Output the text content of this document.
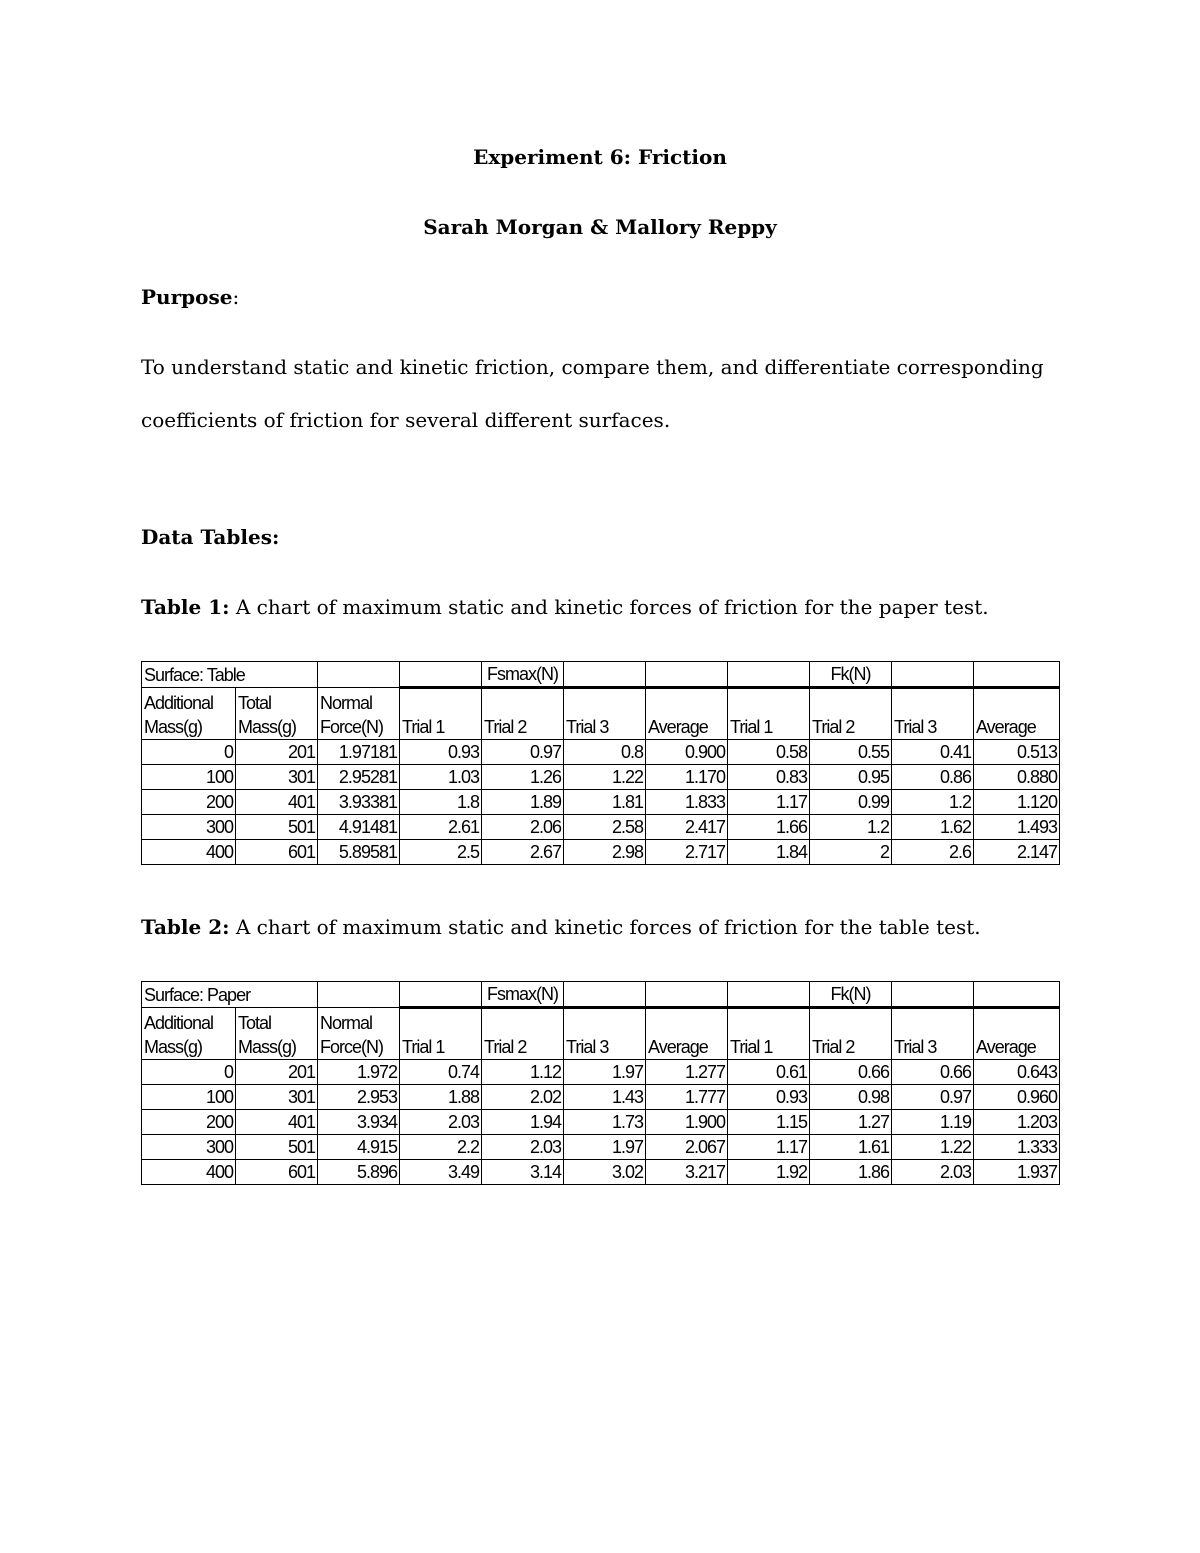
Experiment 6: Friction
Sarah Morgan & Mallory Reppy
Purpose:
To understand static and kinetic friction, compare them, and differentiate corresponding
coefficients of friction for several different surfaces.
Data Tables:
Table 1: A chart of maximum static and kinetic forces of friction for the paper test.
Surface: Table				Fsmax(N)				Fk(N)		
Additional Mass(g)	Total Mass(g)	Normal Force(N)	Trial 1	Trial 2	Trial 3	Average	Trial 1	Trial 2	Trial 3	Average
0	201	1.97181	0.93	0.97	0.8	0.900	0.58	0.55	0.41	0.513
100	301	2.95281	1.03	1.26	1.22	1.170	0.83	0.95	0.86	0.880
200	401	3.93381	1.8	1.89	1.81	1.833	1.17	0.99	1.2	1.120
300	501	4.91481	2.61	2.06	2.58	2.417	1.66	1.2	1.62	1.493
400	601	5.89581	2.5	2.67	2.98	2.717	1.84	2	2.6	2.147
Table 2: A chart of maximum static and kinetic forces of friction for the table test.
Surface: Paper				Fsmax(N)				Fk(N)		
Additional Mass(g)	Total Mass(g)	Normal Force(N)	Trial 1	Trial 2	Trial 3	Average	Trial 1	Trial 2	Trial 3	Average
0	201	1.972	0.74	1.12	1.97	1.277	0.61	0.66	0.66	0.643
100	301	2.953	1.88	2.02	1.43	1.777	0.93	0.98	0.97	0.960
200	401	3.934	2.03	1.94	1.73	1.900	1.15	1.27	1.19	1.203
300	501	4.915	2.2	2.03	1.97	2.067	1.17	1.61	1.22	1.333
400	601	5.896	3.49	3.14	3.02	3.217	1.92	1.86	2.03	1.937
